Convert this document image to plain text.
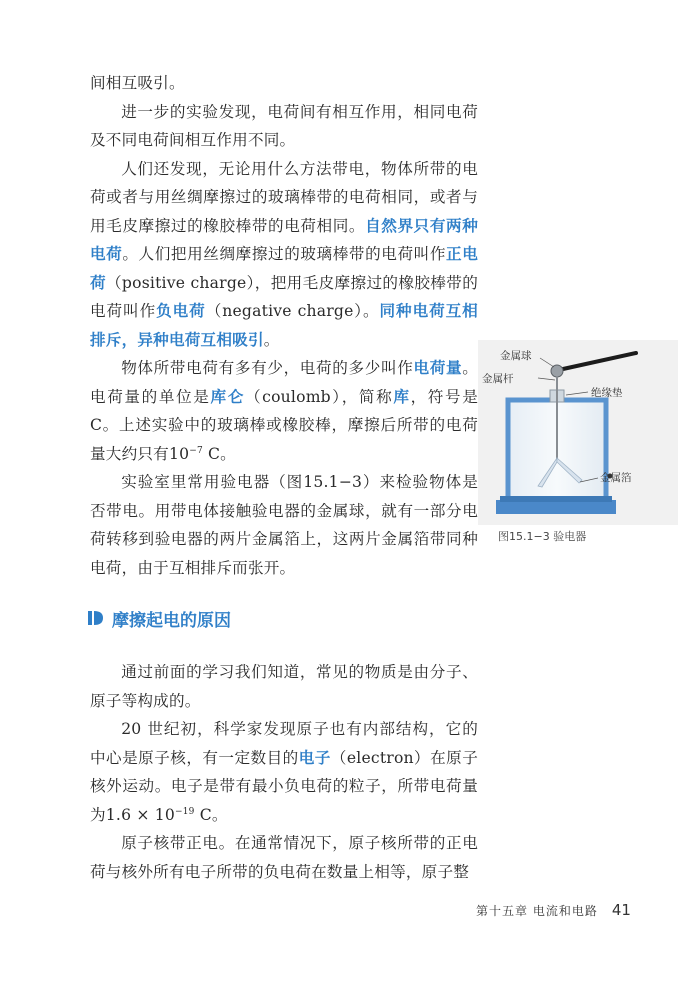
间相互吸引。

进一步的实验发现，电荷间有相互作用，相同电荷及不同电荷间相互作用不同。

人们还发现，无论用什么方法带电，物体所带的电荷或者与用丝绸摩擦过的玻璃棒带的电荷相同，或者与用毛皮摩擦过的橡胶棒带的电荷相同。自然界只有两种电荷。人们把用丝绸摩擦过的玻璃棒带的电荷叫作正电荷（positive charge），把用毛皮摩擦过的橡胶棒带的电荷叫作负电荷（negative charge）。同种电荷互相排斥，异种电荷互相吸引。

物体所带电荷有多有少，电荷的多少叫作电荷量。电荷量的单位是库仑（coulomb），简称库，符号是C。上述实验中的玻璃棒或橡胶棒，摩擦后所带的电荷量大约只有$10^{-7}$ C。

实验室里常用验电器（图15.1−3）来检验物体是否带电。用带电体接触验电器的金属球，就有一部分电荷转移到验电器的两片金属箔上，这两片金属箔带同种电荷，由于互相排斥而张开。

金属球
金属杆
绝缘垫
金属箔
图15.1−3 验电器
摩擦起电的原因

通过前面的学习我们知道，常见的物质是由分子、原子等构成的。

20 世纪初，科学家发现原子也有内部结构，它的中心是原子核，有一定数目的电子（electron）在原子核外运动。电子是带有最小负电荷的粒子，所带电荷量为$1.6 \times 10^{-19}$ C。

原子核带正电。在通常情况下，原子核所带的正电荷与核外所有电子所带的负电荷在数量上相等，原子整

第十五章 电流和电路 41
